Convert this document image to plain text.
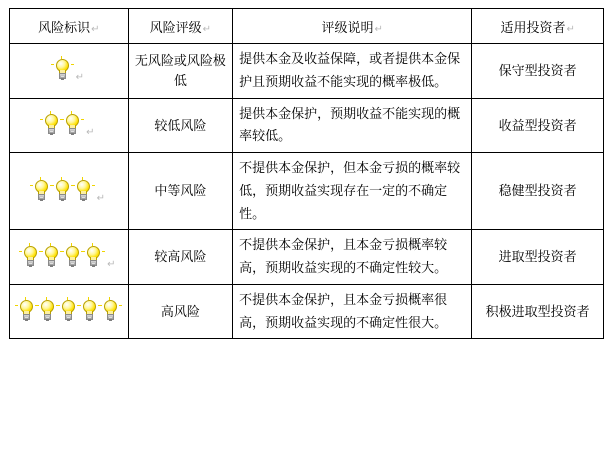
风险标识↵	风险评级↵	评级说明↵	适用投资者↵

↵	无风险或风险极低	提供本金及收益保障，或者提供本金保护且预期收益不能实现的概率极低。	保守型投资者

↵	较低风险	提供本金保护，预期收益不能实现的概率较低。	收益型投资者

↵	中等风险	不提供本金保护，但本金亏损的概率较低，预期收益实现存在一定的不确定性。	稳健型投资者

↵	较高风险	不提供本金保护，且本金亏损概率较高，预期收益实现的不确定性较大。	进取型投资者

	高风险	不提供本金保护，且本金亏损概率很高，预期收益实现的不确定性很大。	积极进取型投资者
